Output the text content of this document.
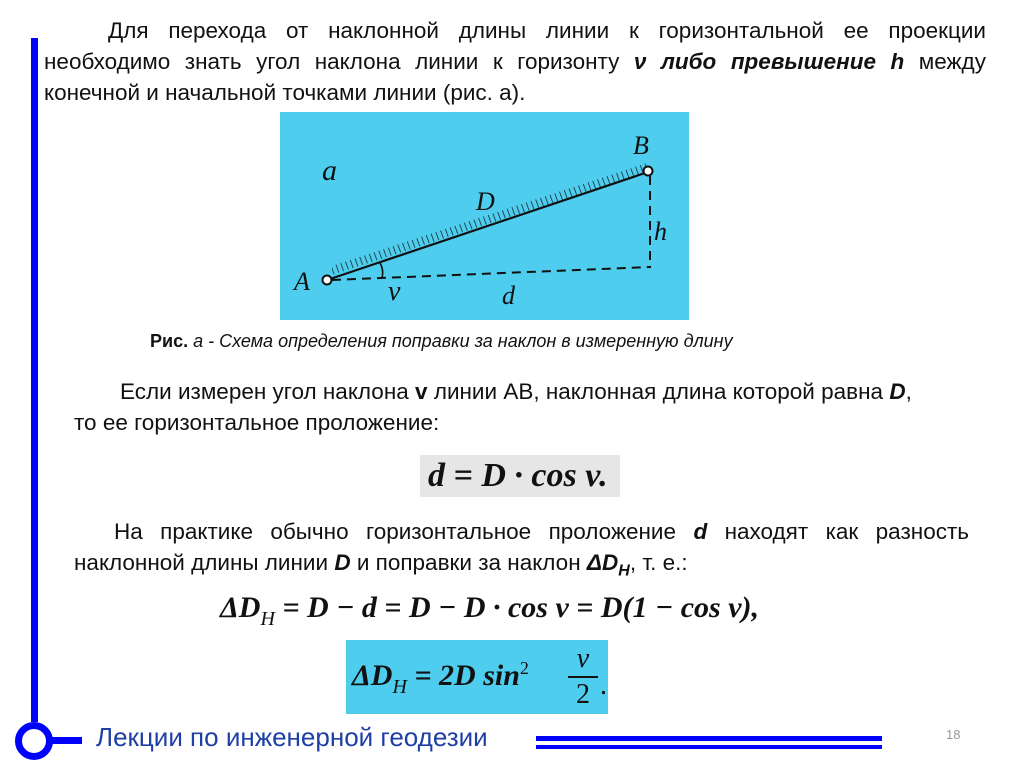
Для перехода от наклонной длины линии к горизонтальной ее проекции необходимо знать угол наклона линии к горизонту ν либо превышение h между конечной и начальной точками линии (рис. а).
a
D
B
h
A	ν	d
Рис. а - Схема определения поправки за наклон в измеренную длину
Если измерен угол наклона v линии АВ, наклонная длина которой равна D, то ее горизонтальное проложение:
d = D · cos v.
На практике обычно горизонтальное проложение d находят как разность наклонной длины линии D и поправки за наклон $\Delta D_H$, т. е.:
$\Delta D_H = D - d = D - D \cdot \cos v = D(1 - \cos v)$,
$\Delta D_H = 2D$ $\sin^2$	v
2 .
Лекции по инженерной геодезии	18
